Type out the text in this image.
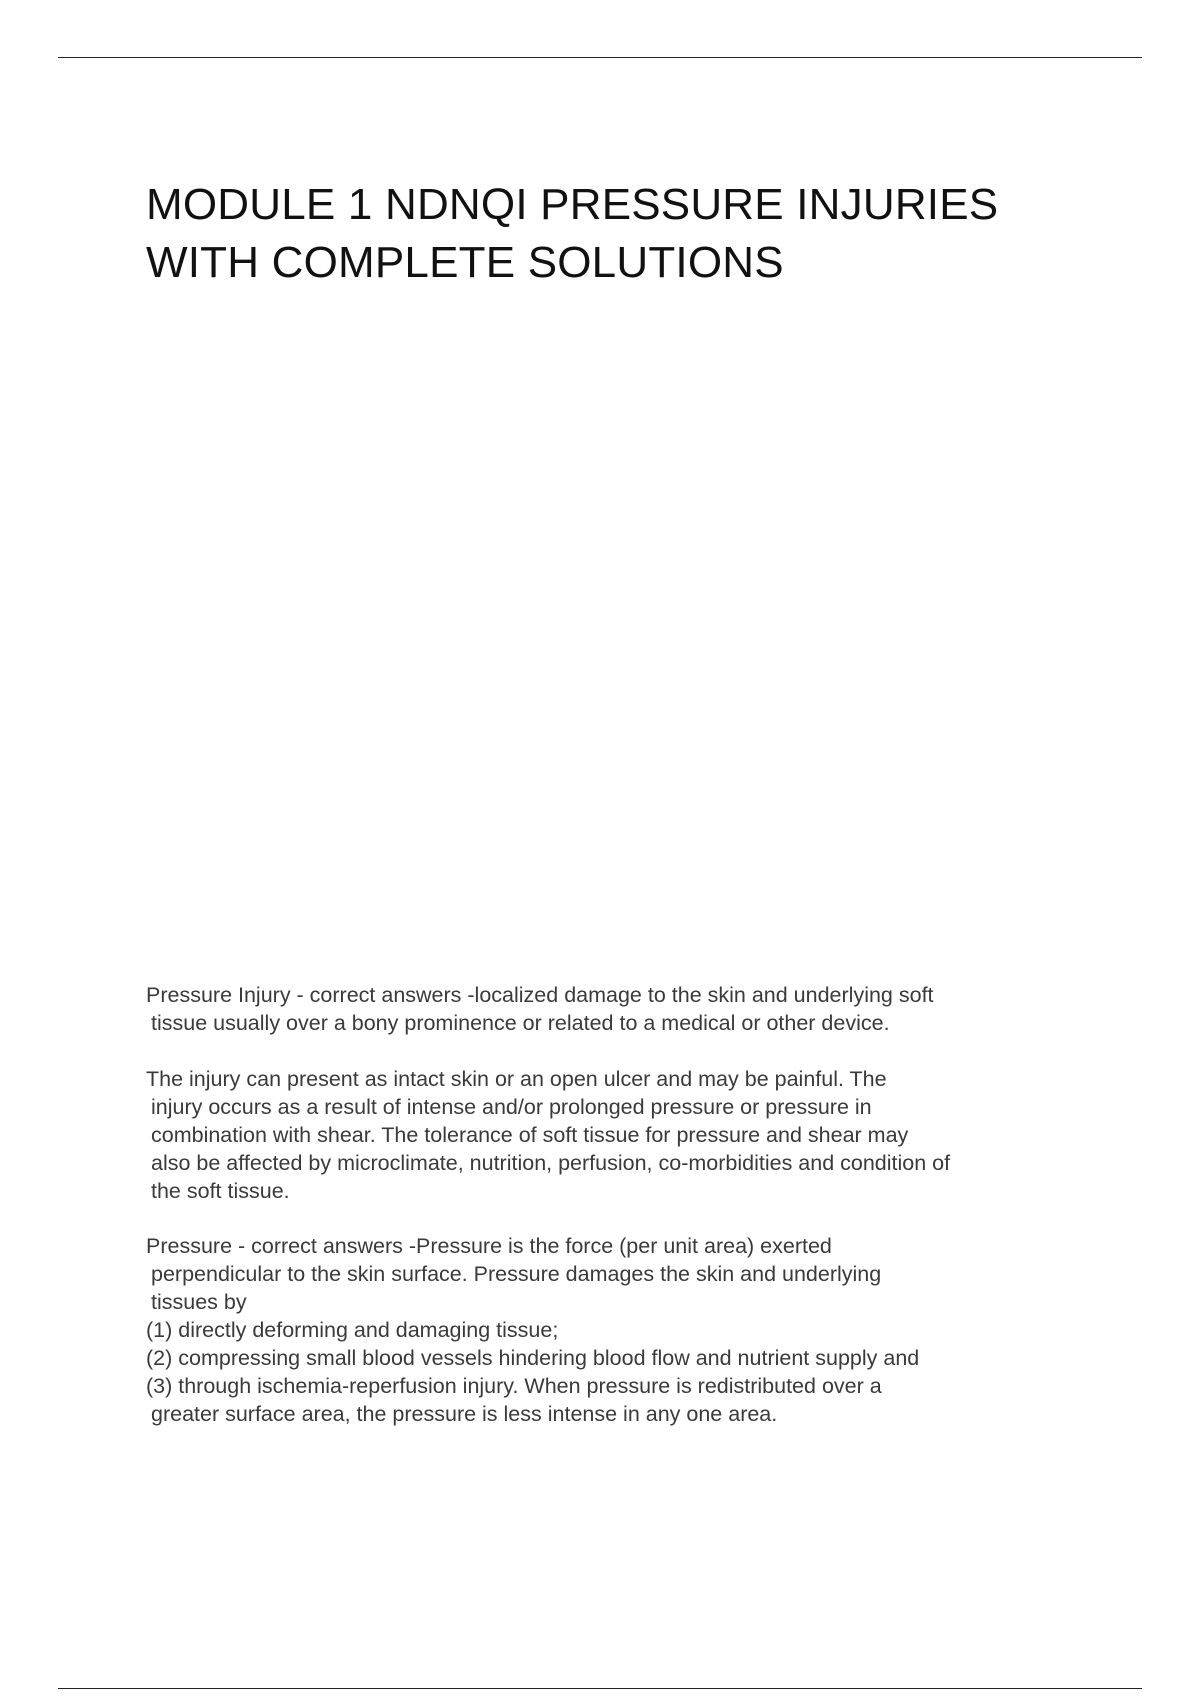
MODULE 1 NDNQI PRESSURE INJURIES
WITH COMPLETE SOLUTIONS
Pressure Injury - correct answers -localized damage to the skin and underlying soft
tissue usually over a bony prominence or related to a medical or other device.
The injury can present as intact skin or an open ulcer and may be painful. The
injury occurs as a result of intense and/or prolonged pressure or pressure in
combination with shear. The tolerance of soft tissue for pressure and shear may
also be affected by microclimate, nutrition, perfusion, co-morbidities and condition of
the soft tissue.
Pressure - correct answers -Pressure is the force (per unit area) exerted
perpendicular to the skin surface. Pressure damages the skin and underlying
tissues by
(1) directly deforming and damaging tissue;
(2) compressing small blood vessels hindering blood flow and nutrient supply and
(3) through ischemia-reperfusion injury. When pressure is redistributed over a
greater surface area, the pressure is less intense in any one area.
